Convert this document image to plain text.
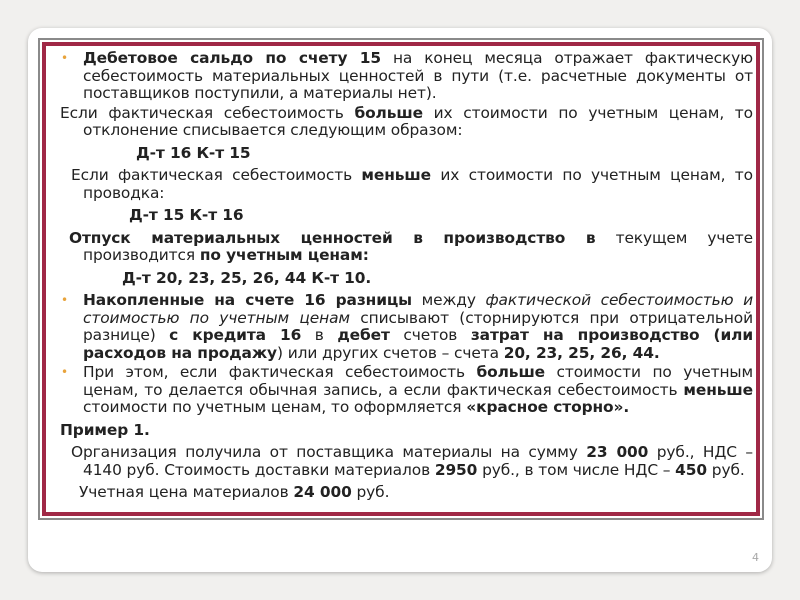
• Дебетовое сальдо по счету 15 на конец месяца отражает фактическую себестоимость материальных ценностей в пути (т.е. расчетные документы от поставщиков поступили, а материалы нет).

Если фактическая себестоимость больше их стоимости по учетным ценам, то отклонение списывается следующим образом:

Д-т 16 К-т 15

Если фактическая себестоимость меньше их стоимости по учетным ценам, то проводка:

Д-т 15 К-т 16

Отпуск материальных ценностей в производство в текущем учете производится по учетным ценам:

Д-т 20, 23, 25, 26, 44 К-т 10.

• Накопленные на счете 16 разницы между фактической себестоимостью и стоимостью по учетным ценам списывают (сторнируются при отрицательной разнице) с кредита 16 в дебет счетов затрат на производство (или расходов на продажу) или других счетов – счета 20, 23, 25, 26, 44.

• При этом, если фактическая себестоимость больше стоимости по учетным ценам, то делается обычная запись, а если фактическая себестоимость меньше стоимости по учетным ценам, то оформляется «красное сторно».

Пример 1.

Организация получила от поставщика материалы на сумму 23 000 руб., НДС – 4140 руб. Стоимость доставки материалов 2950 руб., в том числе НДС – 450 руб.

Учетная цена материалов 24 000 руб.

4
